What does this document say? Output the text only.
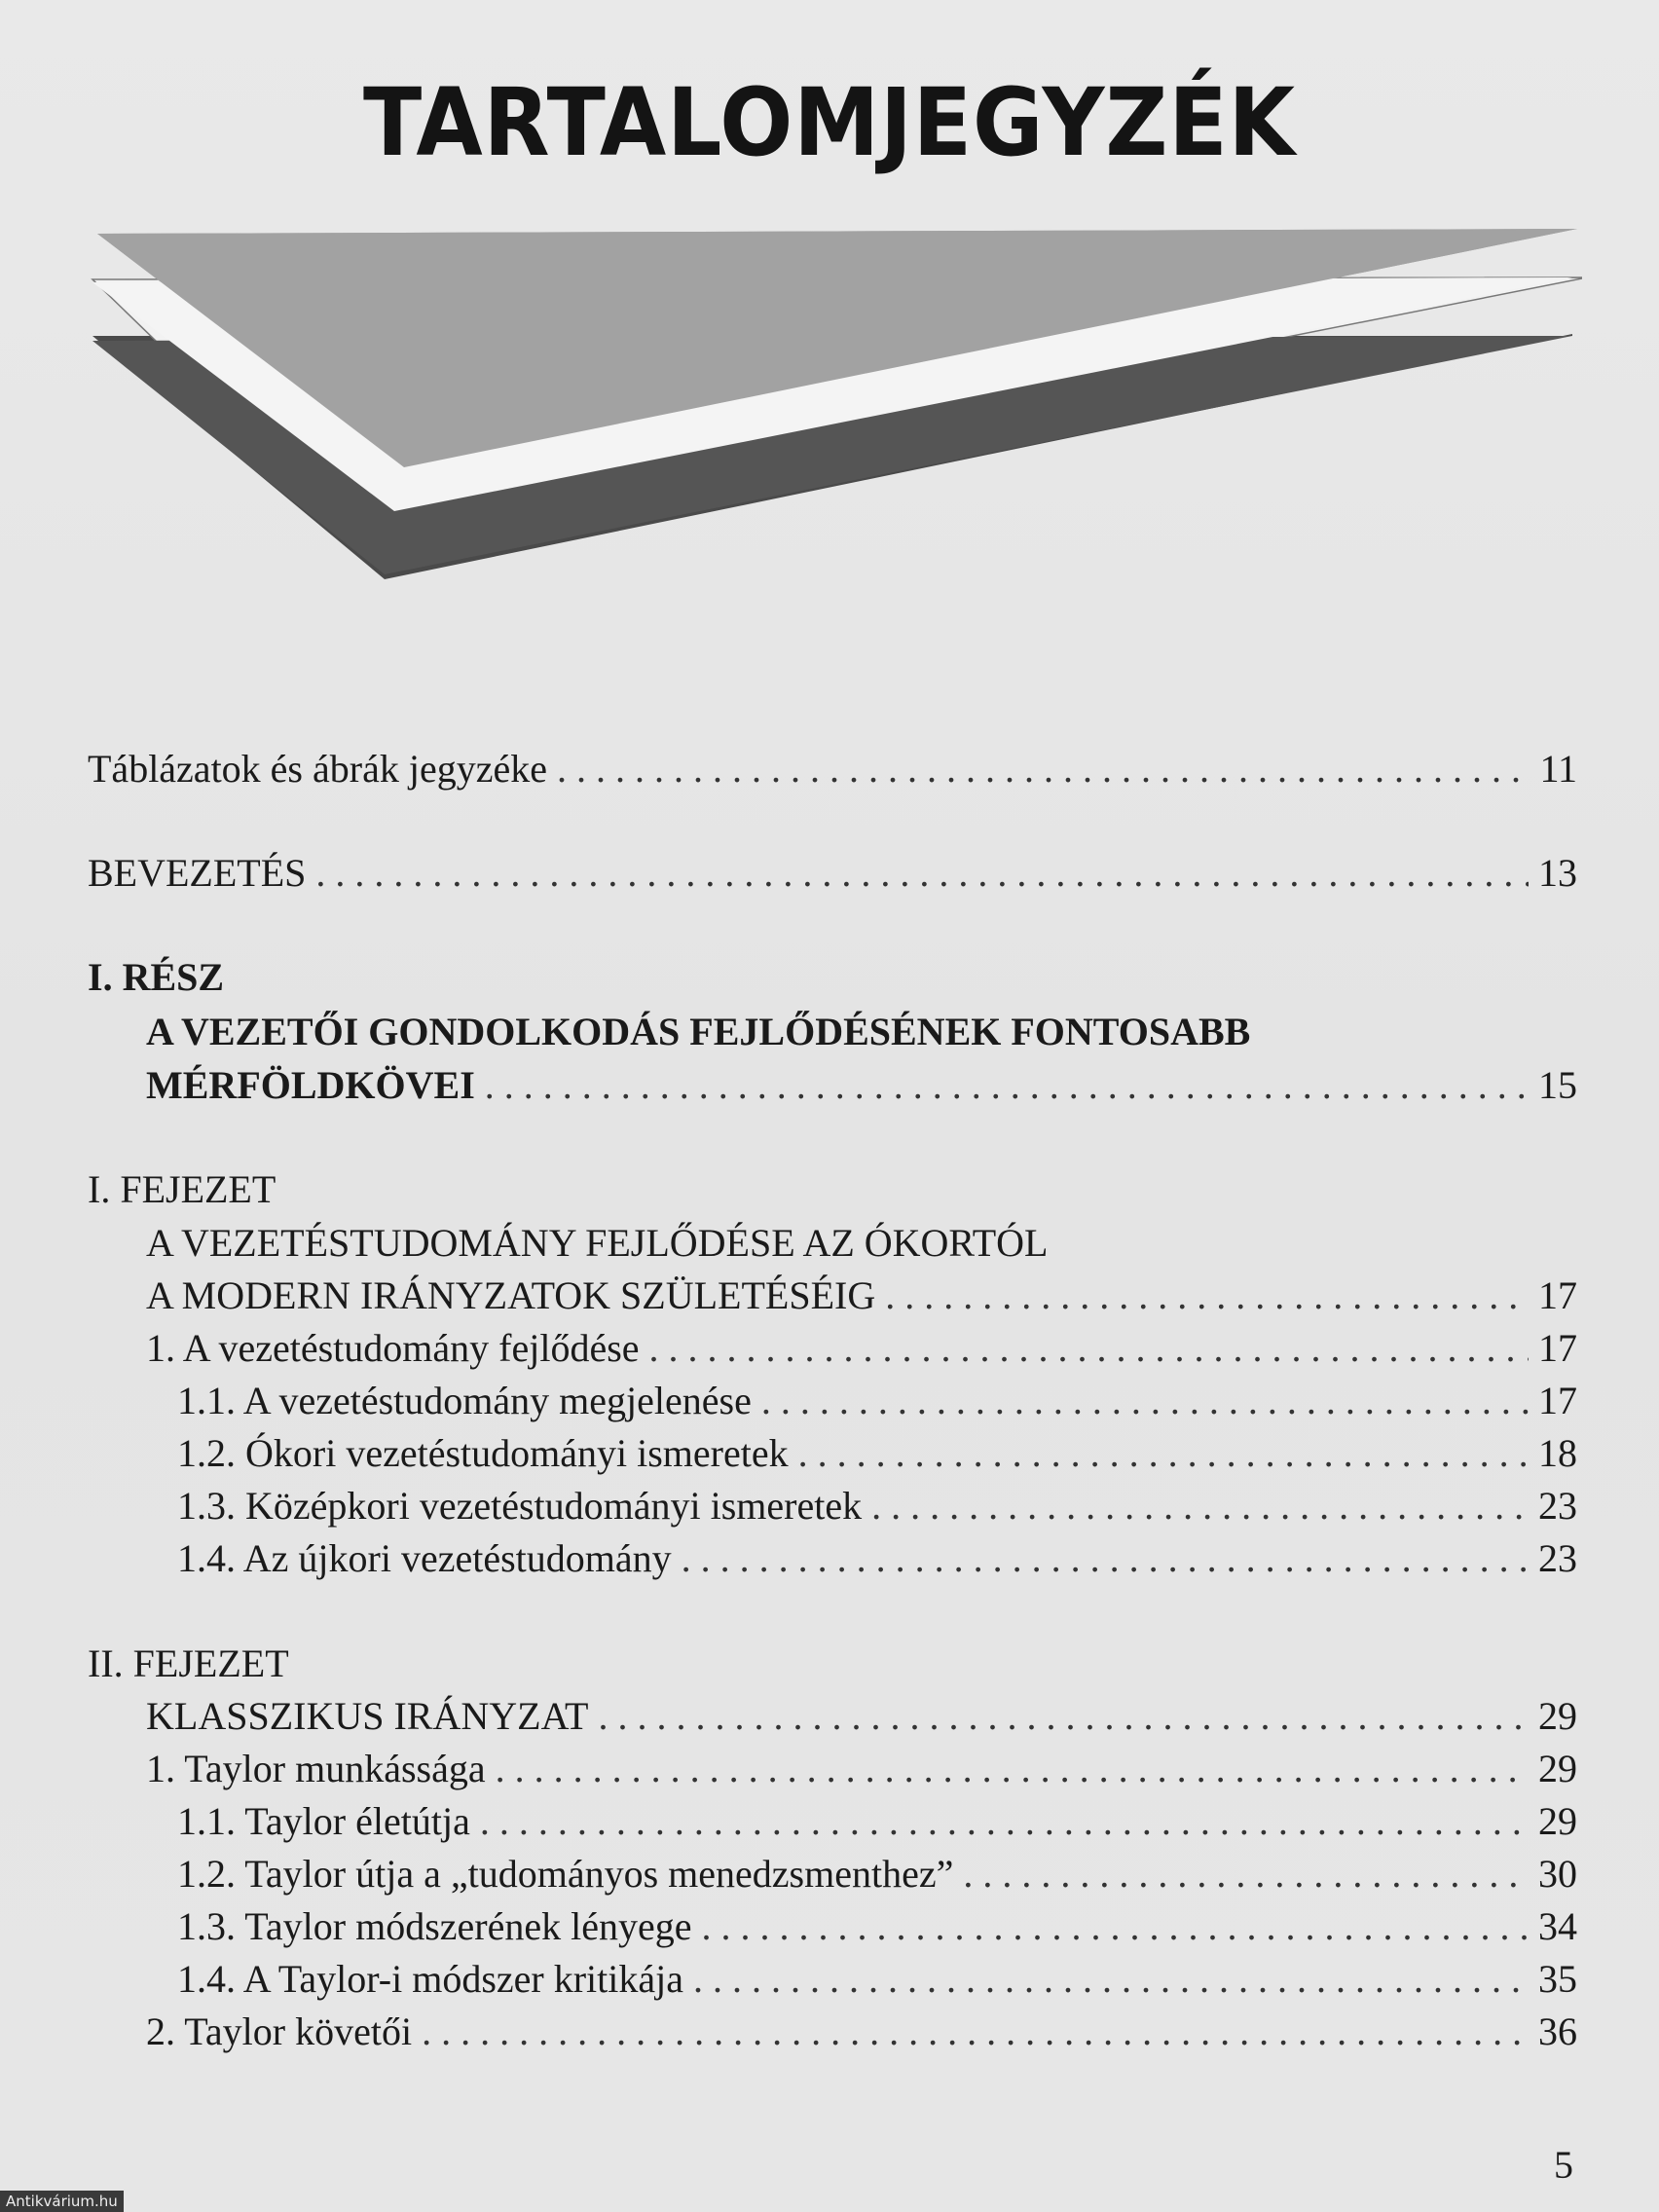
TARTALOMJEGYZÉK
Táblázatok és ábrák jegyzéke . . .	11
BEVEZETÉS . . .	13
I. RÉSZ
A VEZETŐI GONDOLKODÁS FEJLŐDÉSÉNEK FONTOSABB
MÉRFÖLDKÖVEI . . .	15
I. FEJEZET
A VEZETÉSTUDOMÁNY FEJLŐDÉSE AZ ÓKORTÓL
A MODERN IRÁNYZATOK SZÜLETÉSÉIG . . .	17
1. A vezetéstudomány fejlődése . . .	17
1.1. A vezetéstudomány megjelenése . . .	17
1.2. Ókori vezetéstudományi ismeretek . . .	18
1.3. Középkori vezetéstudományi ismeretek . . .	23
1.4. Az újkori vezetéstudomány . . .	23
II. FEJEZET
KLASSZIKUS IRÁNYZAT . . .	29
1. Taylor munkássága . . .	29
1.1. Taylor életútja . . .	29
1.2. Taylor útja a „tudományos menedzsmenthez” . . .	30
1.3. Taylor módszerének lényege . . .	34
1.4. A Taylor-i módszer kritikája . . .	35
2. Taylor követői . . .	36
5
Antikvárium.hu
